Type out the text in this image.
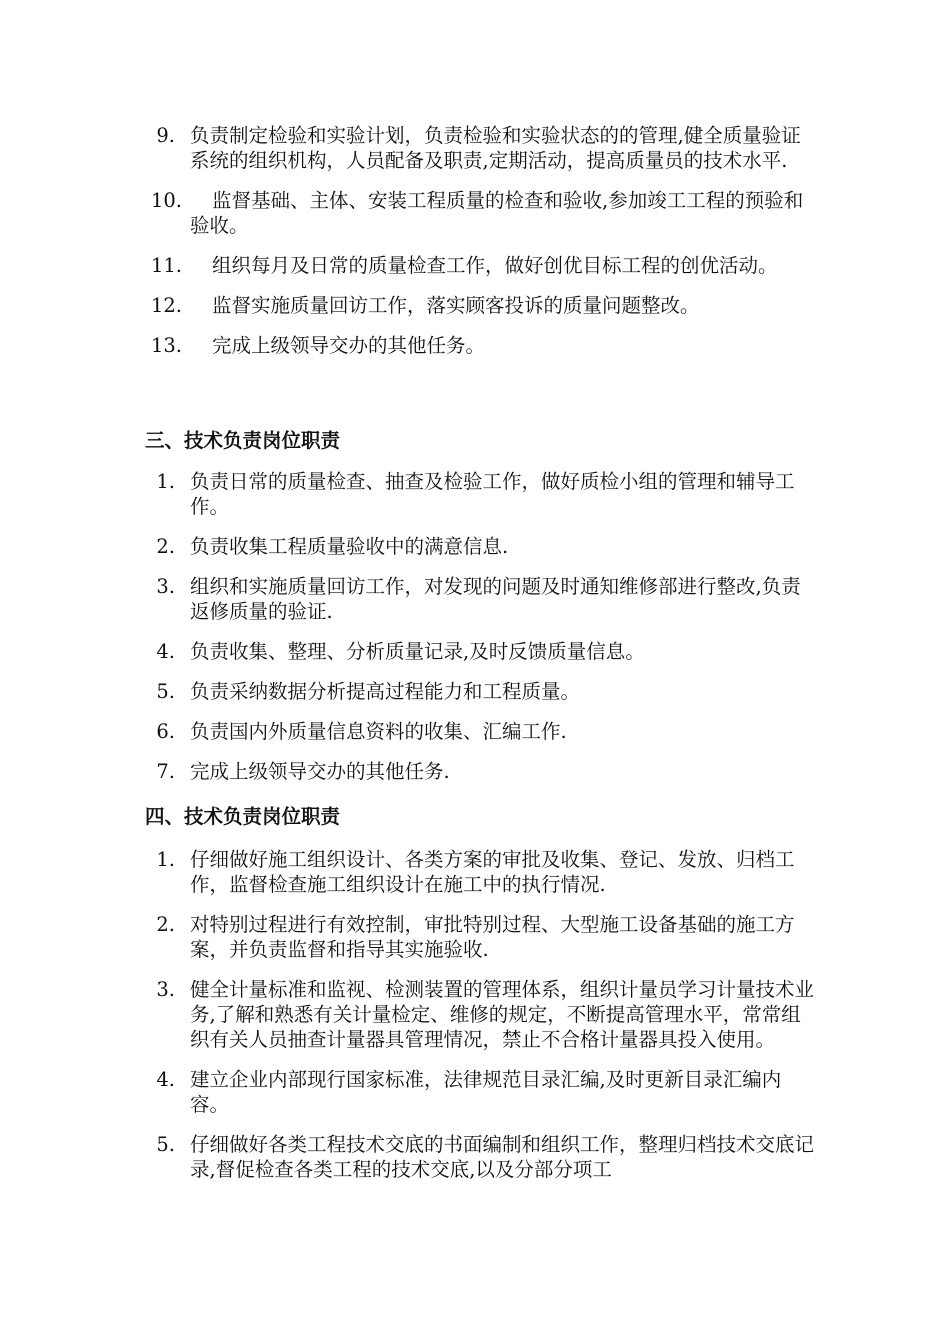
9. 负责制定检验和实验计划，负责检验和实验状态的的管理,健全质量验证系统的组织机构，人员配备及职责,定期活动，提高质量员的技术水平.
10.	监督基础、主体、安装工程质量的检查和验收,参加竣工工程的预验和验收。
11.	组织每月及日常的质量检查工作，做好创优目标工程的创优活动。
12.	监督实施质量回访工作，落实顾客投诉的质量问题整改。
13.	完成上级领导交办的其他任务。
三、技术负责岗位职责
1. 负责日常的质量检查、抽查及检验工作，做好质检小组的管理和辅导工作。
2. 负责收集工程质量验收中的满意信息.
3. 组织和实施质量回访工作，对发现的问题及时通知维修部进行整改,负责返修质量的验证.
4. 负责收集、整理、分析质量记录,及时反馈质量信息。
5. 负责采纳数据分析提高过程能力和工程质量。
6. 负责国内外质量信息资料的收集、汇编工作.
7. 完成上级领导交办的其他任务.
四、技术负责岗位职责
1. 仔细做好施工组织设计、各类方案的审批及收集、登记、发放、归档工作，监督检查施工组织设计在施工中的执行情况.
2. 对特别过程进行有效控制，审批特别过程、大型施工设备基础的施工方案，并负责监督和指导其实施验收.
3. 健全计量标准和监视、检测装置的管理体系，组织计量员学习计量技术业务,了解和熟悉有关计量检定、维修的规定，不断提高管理水平，常常组织有关人员抽查计量器具管理情况，禁止不合格计量器具投入使用。
4. 建立企业内部现行国家标准，法律规范目录汇编,及时更新目录汇编内容。
5. 仔细做好各类工程技术交底的书面编制和组织工作，整理归档技术交底记录,督促检查各类工程的技术交底,以及分部分项工
